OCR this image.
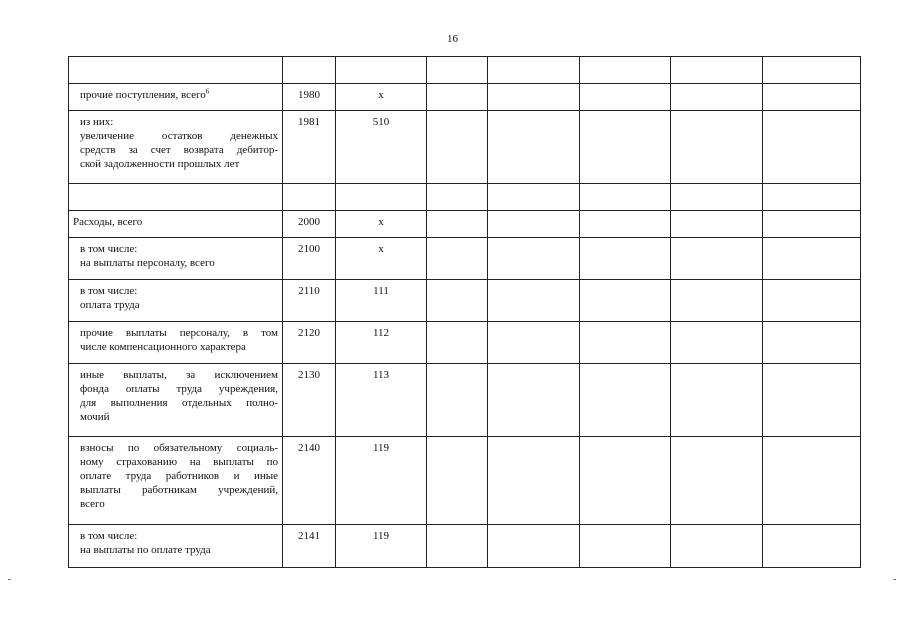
16

прочие поступления, всего$^6$	1980	х						

из них:
увеличение остатков денежных
средств за счет возврата дебитор-
ской задолженности прошлых лет	1981	510						

Расходы, всего	2000	х						

в том числе:
на выплаты персоналу, всего	2100	х						

в том числе:
оплата труда	2110	111						

прочие выплаты персоналу, в том
числе компенсационного характера	2120	112						

иные выплаты, за исключением
фонда оплаты труда учреждения,
для выполнения отдельных полно-
мочий	2130	113						

взносы по обязательному социаль-
ному страхованию на выплаты по
оплате труда работников и иные
выплаты работникам учреждений,
всего	2140	119						

в том числе:
на выплаты по оплате труда	2141	119						
